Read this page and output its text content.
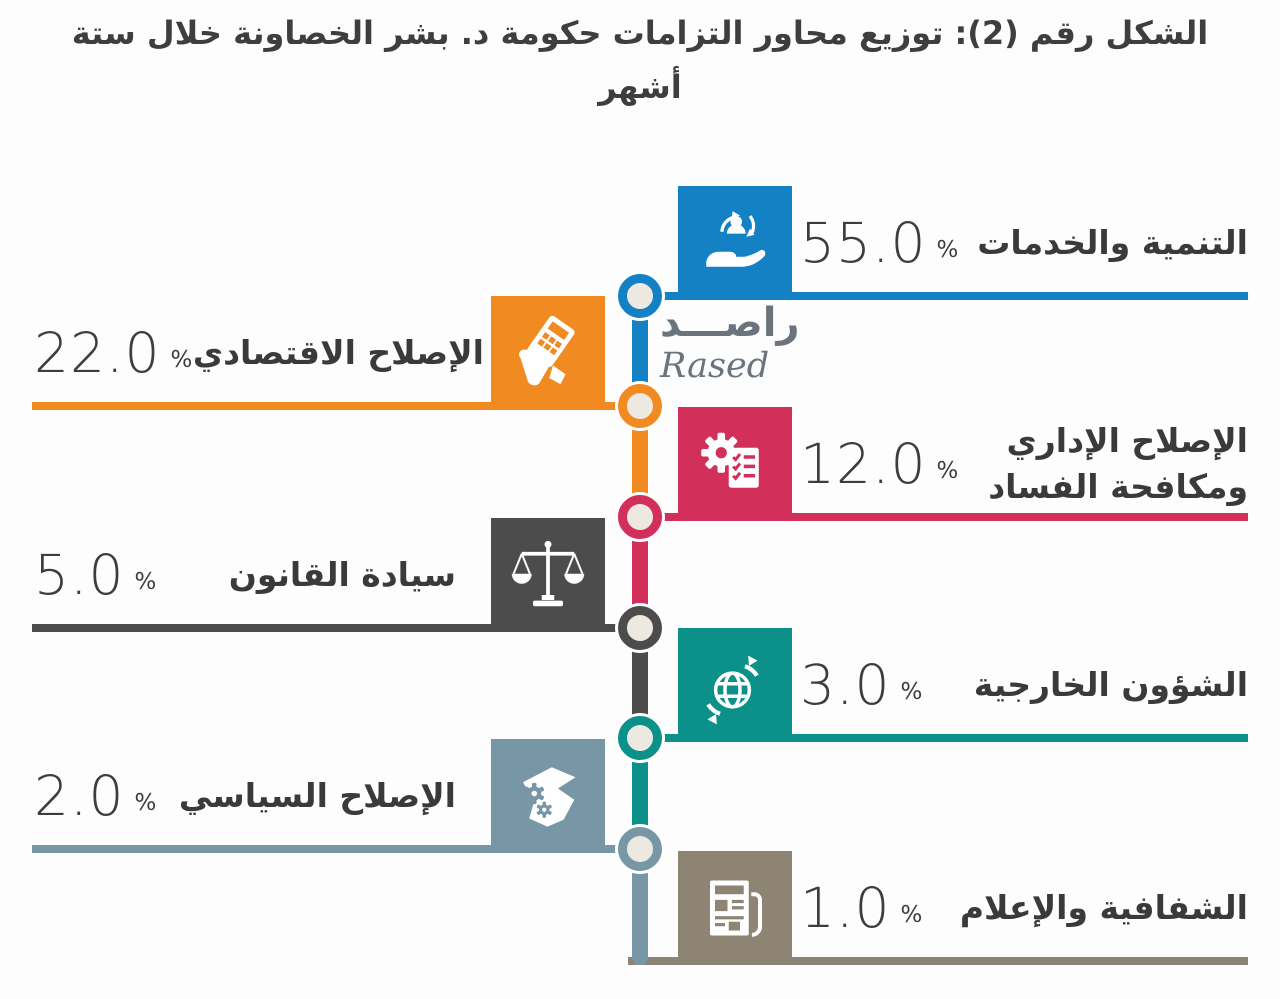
الشكل رقم (2): توزيع محاور التزامات حكومة د. بشر الخصاونة خلال ستة
أشهر
راصـــد
Rased
55.0 % التنمية والخدمات
22.0 % الإصلاح الاقتصادي
12.0 %
الإصلاح الإداري ومكافحة الفساد
5.0 % سيادة القانون
3.0 % الشؤون الخارجية
2.0 % الإصلاح السياسي
1.0 % الشفافية والإعلام
